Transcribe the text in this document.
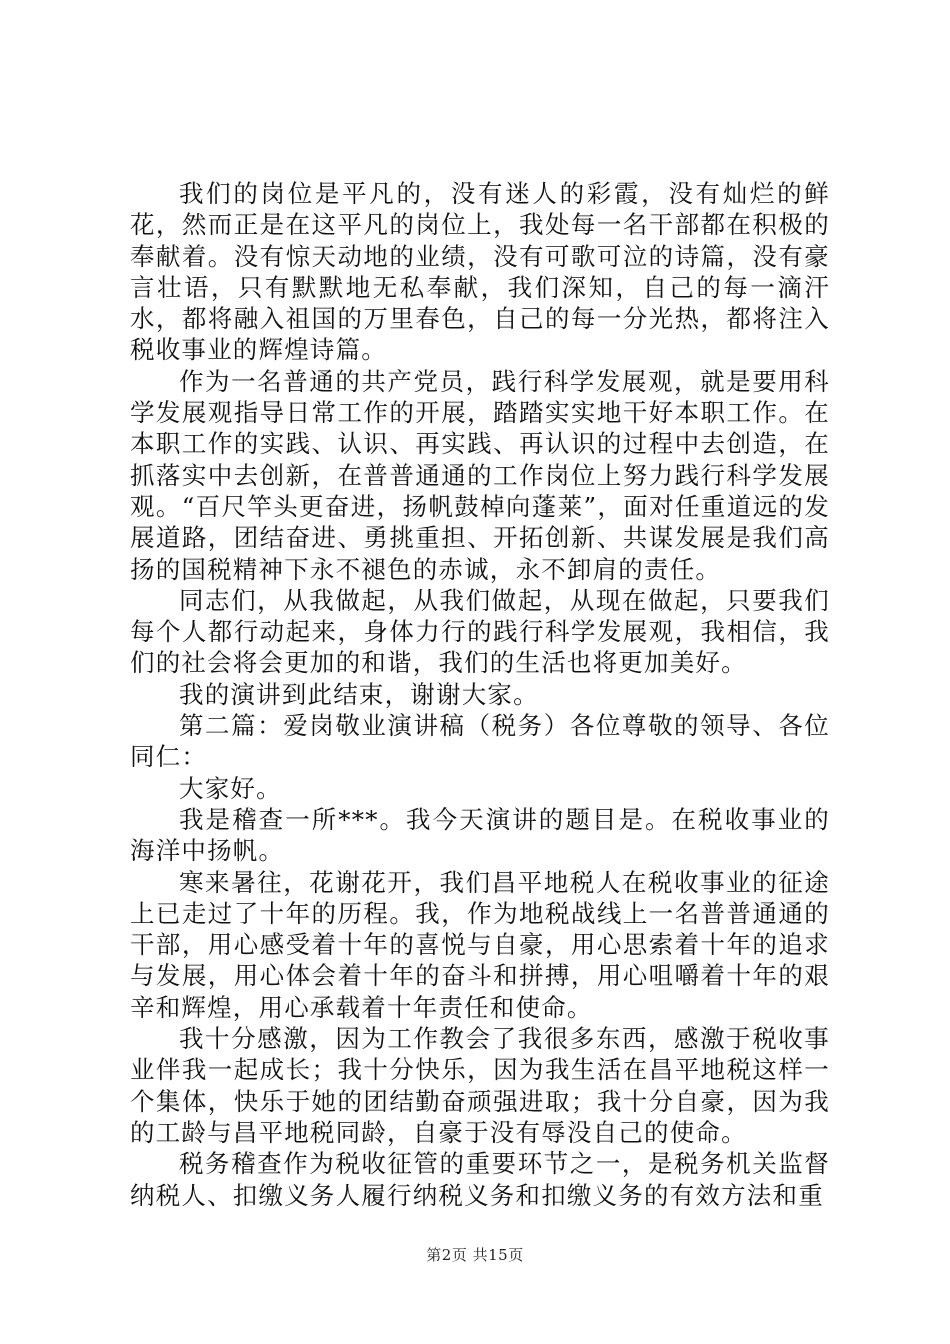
我们的岗位是平凡的，没有迷人的彩霞，没有灿烂的鲜花，然而正是在这平凡的岗位上，我处每一名干部都在积极的奉献着。没有惊天动地的业绩，没有可歌可泣的诗篇，没有豪言壮语，只有默默地无私奉献，我们深知，自己的每一滴汗水，都将融入祖国的万里春色，自己的每一分光热，都将注入税收事业的辉煌诗篇。

作为一名普通的共产党员，践行科学发展观，就是要用科学发展观指导日常工作的开展，踏踏实实地干好本职工作。在本职工作的实践、认识、再实践、再认识的过程中去创造，在抓落实中去创新，在普普通通的工作岗位上努力践行科学发展观。“百尺竿头更奋进，扬帆鼓棹向蓬莱”，面对任重道远的发展道路，团结奋进、勇挑重担、开拓创新、共谋发展是我们高扬的国税精神下永不褪色的赤诚，永不卸肩的责任。

同志们，从我做起，从我们做起，从现在做起，只要我们每个人都行动起来，身体力行的践行科学发展观，我相信，我们的社会将会更加的和谐，我们的生活也将更加美好。

我的演讲到此结束，谢谢大家。

第二篇：爱岗敬业演讲稿（税务）各位尊敬的领导、各位同仁：

大家好。

我是稽查一所***。我今天演讲的题目是。在税收事业的海洋中扬帆。

寒来暑往，花谢花开，我们昌平地税人在税收事业的征途上已走过了十年的历程。我，作为地税战线上一名普普通通的干部，用心感受着十年的喜悦与自豪，用心思索着十年的追求与发展，用心体会着十年的奋斗和拼搏，用心咀嚼着十年的艰辛和辉煌，用心承载着十年责任和使命。

我十分感激，因为工作教会了我很多东西，感激于税收事业伴我一起成长；我十分快乐，因为我生活在昌平地税这样一个集体，快乐于她的团结勤奋顽强进取；我十分自豪，因为我的工龄与昌平地税同龄，自豪于没有辱没自己的使命。

税务稽查作为税收征管的重要环节之一，是税务机关监督纳税人、扣缴义务人履行纳税义务和扣缴义务的有效方法和重

第2页 共15页
